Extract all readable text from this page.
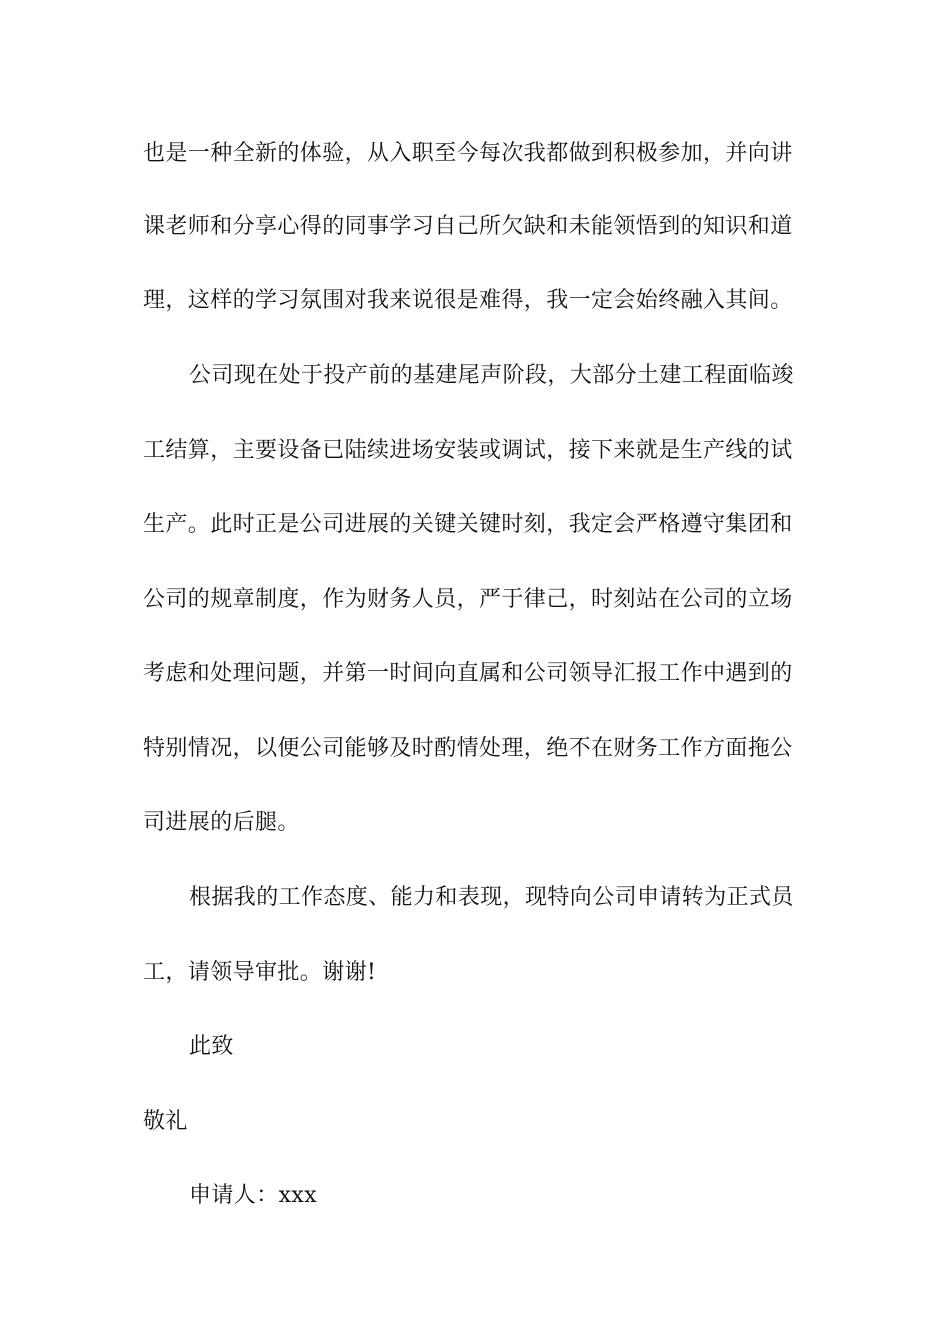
也是一种全新的体验，从入职至今每次我都做到积极参加，并向讲
课老师和分享心得的同事学习自己所欠缺和未能领悟到的知识和道
理，这样的学习氛围对我来说很是难得，我一定会始终融入其间。
公司现在处于投产前的基建尾声阶段，大部分土建工程面临竣
工结算，主要设备已陆续进场安装或调试，接下来就是生产线的试
生产。此时正是公司进展的关键关键时刻，我定会严格遵守集团和
公司的规章制度，作为财务人员，严于律己，时刻站在公司的立场
考虑和处理问题，并第一时间向直属和公司领导汇报工作中遇到的
特别情况，以便公司能够及时酌情处理，绝不在财务工作方面拖公
司进展的后腿。
根据我的工作态度、能力和表现，现特向公司申请转为正式员
工，请领导审批。谢谢!
此致
敬礼
申请人：xxx
